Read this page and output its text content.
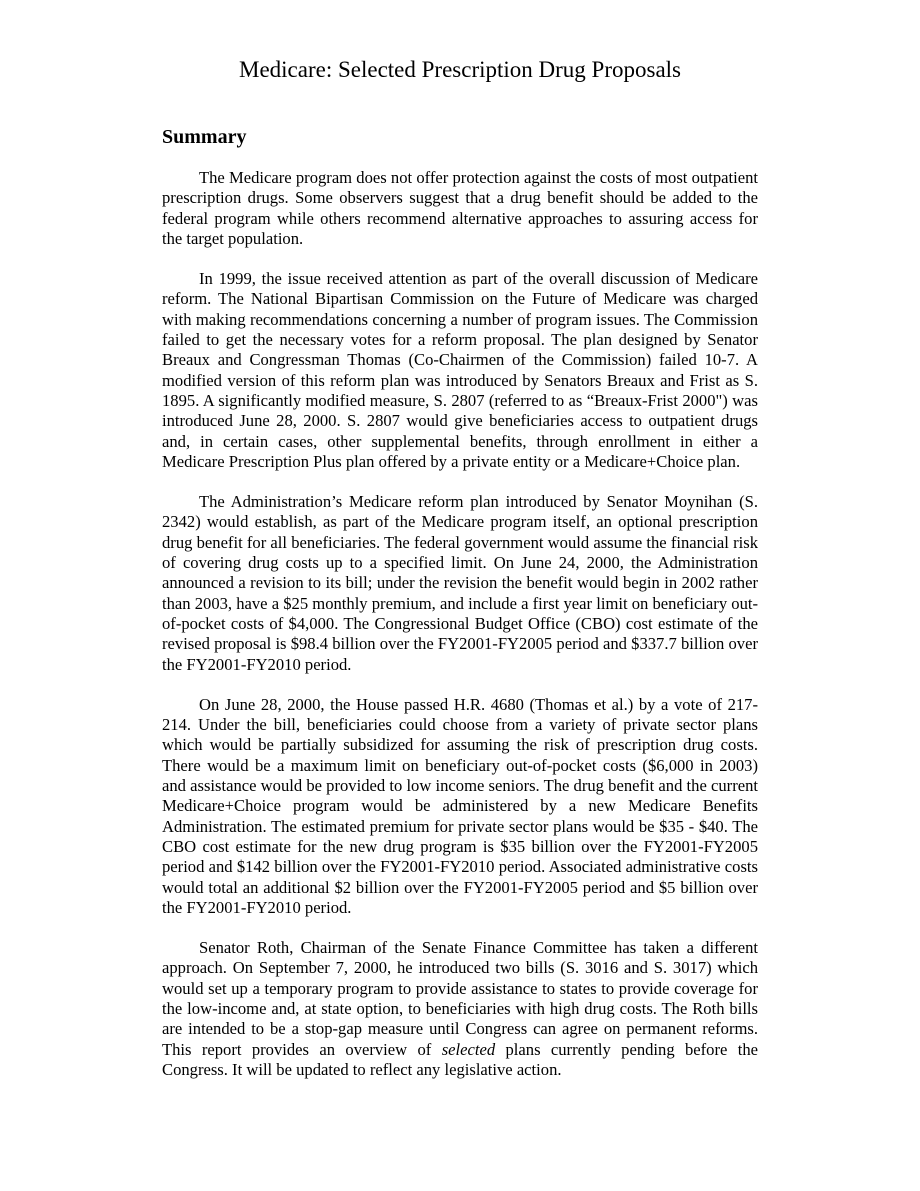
Medicare: Selected Prescription Drug Proposals
Summary

The Medicare program does not offer protection against the costs of most outpatient prescription drugs. Some observers suggest that a drug benefit should be added to the federal program while others recommend alternative approaches to assuring access for the target population.

In 1999, the issue received attention as part of the overall discussion of Medicare reform. The National Bipartisan Commission on the Future of Medicare was charged with making recommendations concerning a number of program issues. The Commission failed to get the necessary votes for a reform proposal. The plan designed by Senator Breaux and Congressman Thomas (Co-Chairmen of the Commission) failed 10-7. A modified version of this reform plan was introduced by Senators Breaux and Frist as S. 1895. A significantly modified measure, S. 2807 (referred to as “Breaux-Frist 2000") was introduced June 28, 2000. S. 2807 would give beneficiaries access to outpatient drugs and, in certain cases, other supplemental benefits, through enrollment in either a Medicare Prescription Plus plan offered by a private entity or a Medicare+Choice plan.

The Administration’s Medicare reform plan introduced by Senator Moynihan (S. 2342) would establish, as part of the Medicare program itself, an optional prescription drug benefit for all beneficiaries. The federal government would assume the financial risk of covering drug costs up to a specified limit. On June 24, 2000, the Administration announced a revision to its bill; under the revision the benefit would begin in 2002 rather than 2003, have a $25 monthly premium, and include a first year limit on beneficiary out-of-pocket costs of $4,000. The Congressional Budget Office (CBO) cost estimate of the revised proposal is $98.4 billion over the FY2001-FY2005 period and $337.7 billion over the FY2001-FY2010 period.

On June 28, 2000, the House passed H.R. 4680 (Thomas et al.) by a vote of 217-214. Under the bill, beneficiaries could choose from a variety of private sector plans which would be partially subsidized for assuming the risk of prescription drug costs. There would be a maximum limit on beneficiary out-of-pocket costs ($6,000 in 2003) and assistance would be provided to low income seniors. The drug benefit and the current Medicare+Choice program would be administered by a new Medicare Benefits Administration. The estimated premium for private sector plans would be $35 - $40. The CBO cost estimate for the new drug program is $35 billion over the FY2001-FY2005 period and $142 billion over the FY2001-FY2010 period. Associated administrative costs would total an additional $2 billion over the FY2001-FY2005 period and $5 billion over the FY2001-FY2010 period.

Senator Roth, Chairman of the Senate Finance Committee has taken a different approach. On September 7, 2000, he introduced two bills (S. 3016 and S. 3017) which would set up a temporary program to provide assistance to states to provide coverage for the low-income and, at state option, to beneficiaries with high drug costs. The Roth bills are intended to be a stop-gap measure until Congress can agree on permanent reforms. This report provides an overview of selected plans currently pending before the Congress. It will be updated to reflect any legislative action.
